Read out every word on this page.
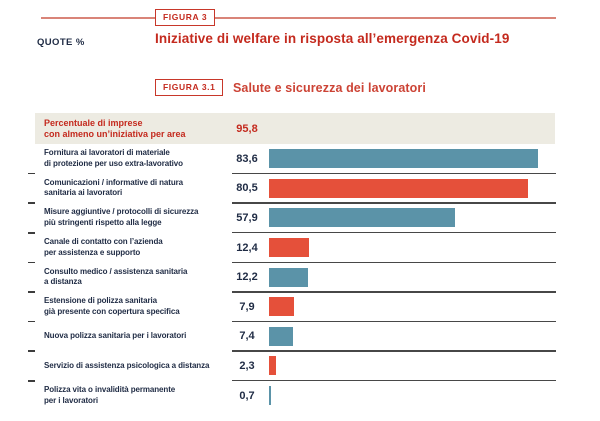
FIGURA 3
QUOTE %	Iniziative di welfare in risposta all’emergenza Covid-19
FIGURA 3.1	Salute e sicurezza dei lavoratori
Percentuale di imprese
con almeno un’iniziativa per area	95,8
Fornitura ai lavoratori di materiale
di protezione per uso extra-lavorativo	83,6
Comunicazioni / informative di natura
sanitaria ai lavoratori	80,5
Misure aggiuntive / protocolli di sicurezza
più stringenti rispetto alla legge	57,9
Canale di contatto con l’azienda
per assistenza e supporto	12,4
Consulto medico / assistenza sanitaria
a distanza	12,2
Estensione di polizza sanitaria
già presente con copertura specifica	7,9
Nuova polizza sanitaria per i lavoratori	7,4
Servizio di assistenza psicologica a distanza	2,3
Polizza vita o invalidità permanente
per i lavoratori	0,7
